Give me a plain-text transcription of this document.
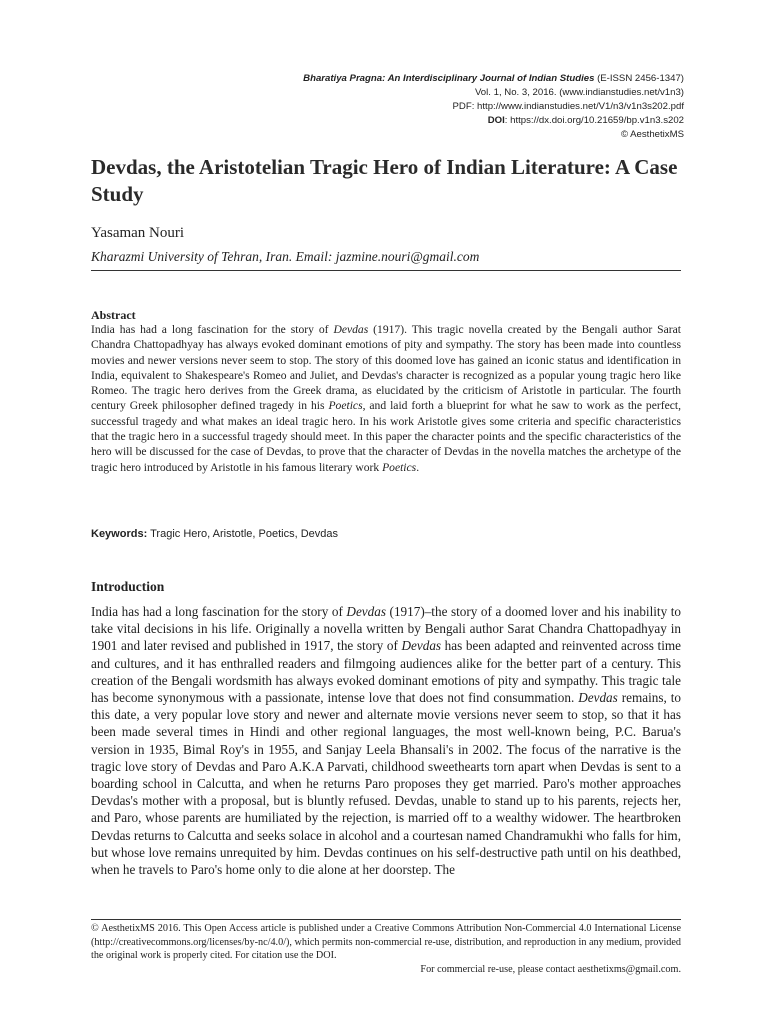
Bharatiya Pragna: An Interdisciplinary Journal of Indian Studies (E-ISSN 2456-1347)
Vol. 1, No. 3, 2016. (www.indianstudies.net/v1n3)
PDF: http://www.indianstudies.net/V1/n3/v1n3s202.pdf
DOI: https://dx.doi.org/10.21659/bp.v1n3.s202
© AesthetixMS
Devdas, the Aristotelian Tragic Hero of Indian Literature: A Case Study
Yasaman Nouri
Kharazmi University of Tehran, Iran. Email: jazmine.nouri@gmail.com
Abstract

India has had a long fascination for the story of Devdas (1917). This tragic novella created by the Bengali author Sarat Chandra Chattopadhyay has always evoked dominant emotions of pity and sympathy. The story has been made into countless movies and newer versions never seem to stop. The story of this doomed love has gained an iconic status and identification in India, equivalent to Shakespeare's Romeo and Juliet, and Devdas's character is recognized as a popular young tragic hero like Romeo. The tragic hero derives from the Greek drama, as elucidated by the criticism of Aristotle in particular. The fourth century Greek philosopher defined tragedy in his Poetics, and laid forth a blueprint for what he saw to work as the perfect, successful tragedy and what makes an ideal tragic hero. In his work Aristotle gives some criteria and specific characteristics that the tragic hero in a successful tragedy should meet. In this paper the character points and the specific characteristics of the hero will be discussed for the case of Devdas, to prove that the character of Devdas in the novella matches the archetype of the tragic hero introduced by Aristotle in his famous literary work Poetics.

Keywords: Tragic Hero, Aristotle, Poetics, Devdas
Introduction

India has had a long fascination for the story of Devdas (1917)–the story of a doomed lover and his inability to take vital decisions in his life. Originally a novella written by Bengali author Sarat Chandra Chattopadhyay in 1901 and later revised and published in 1917, the story of Devdas has been adapted and reinvented across time and cultures, and it has enthralled readers and filmgoing audiences alike for the better part of a century. This creation of the Bengali wordsmith has always evoked dominant emotions of pity and sympathy. This tragic tale has become synonymous with a passionate, intense love that does not find consummation. Devdas remains, to this date, a very popular love story and newer and alternate movie versions never seem to stop, so that it has been made several times in Hindi and other regional languages, the most well-known being, P.C. Barua's version in 1935, Bimal Roy's in 1955, and Sanjay Leela Bhansali's in 2002. The focus of the narrative is the tragic love story of Devdas and Paro A.K.A Parvati, childhood sweethearts torn apart when Devdas is sent to a boarding school in Calcutta, and when he returns Paro proposes they get married. Paro's mother approaches Devdas's mother with a proposal, but is bluntly refused. Devdas, unable to stand up to his parents, rejects her, and Paro, whose parents are humiliated by the rejection, is married off to a wealthy widower. The heartbroken Devdas returns to Calcutta and seeks solace in alcohol and a courtesan named Chandramukhi who falls for him, but whose love remains unrequited by him. Devdas continues on his self-destructive path until on his deathbed, when he travels to Paro's home only to die alone at her doorstep. The

© AesthetixMS 2016. This Open Access article is published under a Creative Commons Attribution Non-Commercial 4.0 International License (http://creativecommons.org/licenses/by-nc/4.0/), which permits non-commercial re-use, distribution, and reproduction in any medium, provided the original work is properly cited. For citation use the DOI.
For commercial re-use, please contact aesthetixms@gmail.com.
